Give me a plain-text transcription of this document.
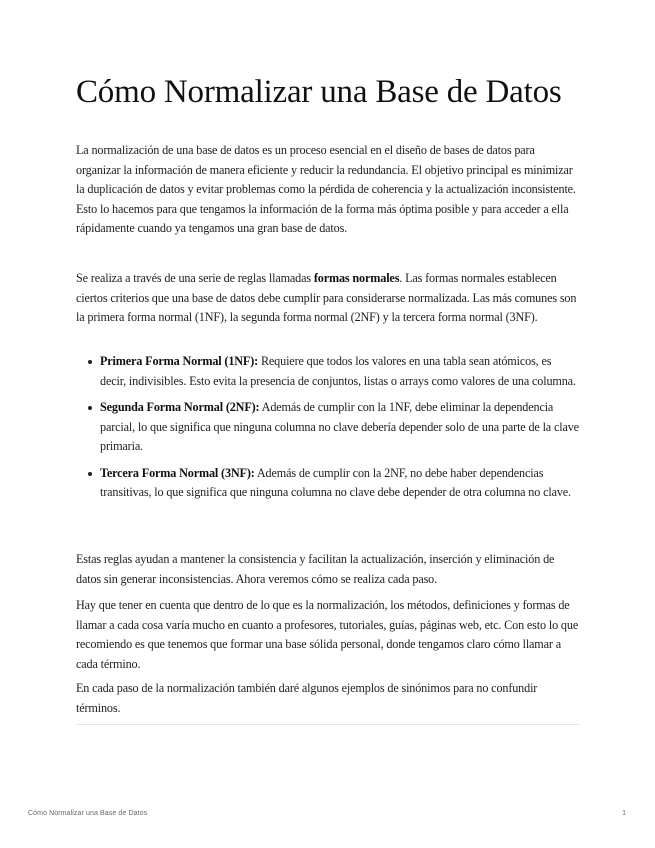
Cómo Normalizar una Base de Datos

La normalización de una base de datos es un proceso esencial en el diseño de bases de datos para organizar la información de manera eficiente y reducir la redundancia. El objetivo principal es minimizar la duplicación de datos y evitar problemas como la pérdida de coherencia y la actualización inconsistente. Esto lo hacemos para que tengamos la información de la forma más óptima posible y para acceder a ella rápidamente cuando ya tengamos una gran base de datos.

Se realiza a través de una serie de reglas llamadas formas normales. Las formas normales establecen ciertos criterios que una base de datos debe cumplir para considerarse normalizada. Las más comunes son la primera forma normal (1NF), la segunda forma normal (2NF) y la tercera forma normal (3NF).

Primera Forma Normal (1NF): Requiere que todos los valores en una tabla sean atómicos, es decir, indivisibles. Esto evita la presencia de conjuntos, listas o arrays como valores de una columna.
Segunda Forma Normal (2NF): Además de cumplir con la 1NF, debe eliminar la dependencia parcial, lo que significa que ninguna columna no clave debería depender solo de una parte de la clave primaria.
Tercera Forma Normal (3NF): Además de cumplir con la 2NF, no debe haber dependencias transitivas, lo que significa que ninguna columna no clave debe depender de otra columna no clave.

Estas reglas ayudan a mantener la consistencia y facilitan la actualización, inserción y eliminación de datos sin generar inconsistencias. Ahora veremos cómo se realiza cada paso.

Hay que tener en cuenta que dentro de lo que es la normalización, los métodos, definiciones y formas de llamar a cada cosa varía mucho en cuanto a profesores, tutoriales, guías, páginas web, etc. Con esto lo que recomiendo es que tenemos que formar una base sólida personal, donde tengamos claro cómo llamar a cada término.

En cada paso de la normalización también daré algunos ejemplos de sinónimos para no confundir términos.

Cómo Normalizar una Base de Datos	1
